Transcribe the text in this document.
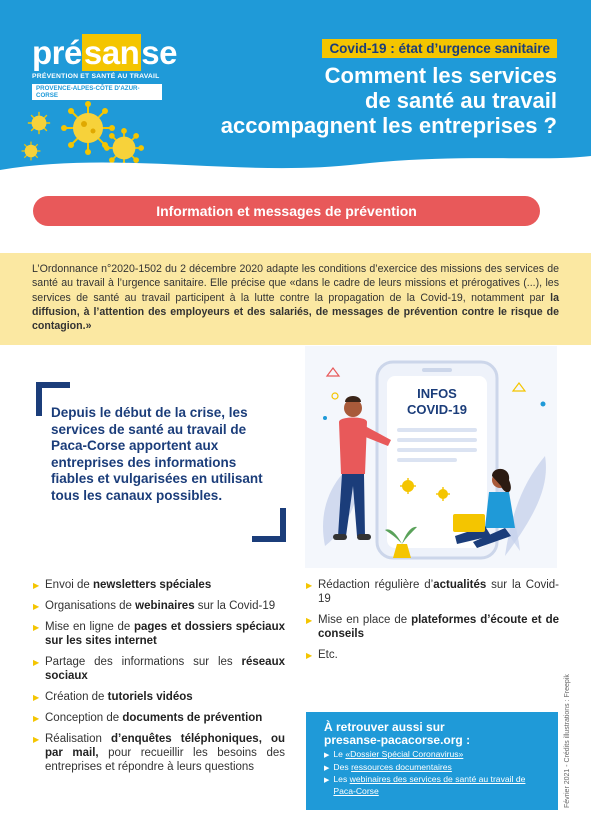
présanse
PRÉVENTION ET SANTÉ AU TRAVAIL
PROVENCE-ALPES-CÔTE D'AZUR-CORSE
Covid-19 : état d’urgence sanitaire
Comment les services
de santé au travail
accompagnent les entreprises ?
Information et messages de prévention
L’Ordonnance n°2020-1502 du 2 décembre 2020 adapte les conditions d’exercice des missions des services de santé au travail à l’urgence sanitaire. Elle précise que «dans le cadre de leurs missions et prérogatives (...), les services de santé au travail participent à la lutte contre la propagation de la Covid-19, notamment par la diffusion, à l’attention des employeurs et des salariés, de messages de prévention contre le risque de contagion.»
Depuis le début de la crise, les services de santé au travail de Paca-Corse apportent aux entreprises des informations fiables et vulgarisées en utilisant tous les canaux possibles.
INFOS
COVID-19
▶ Envoi de newsletters spéciales
▶ Organisations de webinaires sur la Covid-19
▶ Mise en ligne de pages et dossiers spéciaux sur les sites internet
▶ Partage des informations sur les réseaux sociaux
▶ Création de tutoriels vidéos
▶ Conception de documents de prévention
▶ Réalisation d’enquêtes téléphoniques, ou par mail, pour recueillir les besoins des entreprises et répondre à leurs questions
▶ Rédaction régulière d’actualités sur la Covid-19
▶ Mise en place de plateformes d’écoute et de conseils
▶ Etc.
À retrouver aussi sur
presanse-pacacorse.org :
▶ Le «Dossier Spécial Coronavirus»
▶ Des ressources documentaires
▶ Les webinaires des services de santé au travail de Paca-Corse	Février 2021 - Crédits illustrations : Freepik
